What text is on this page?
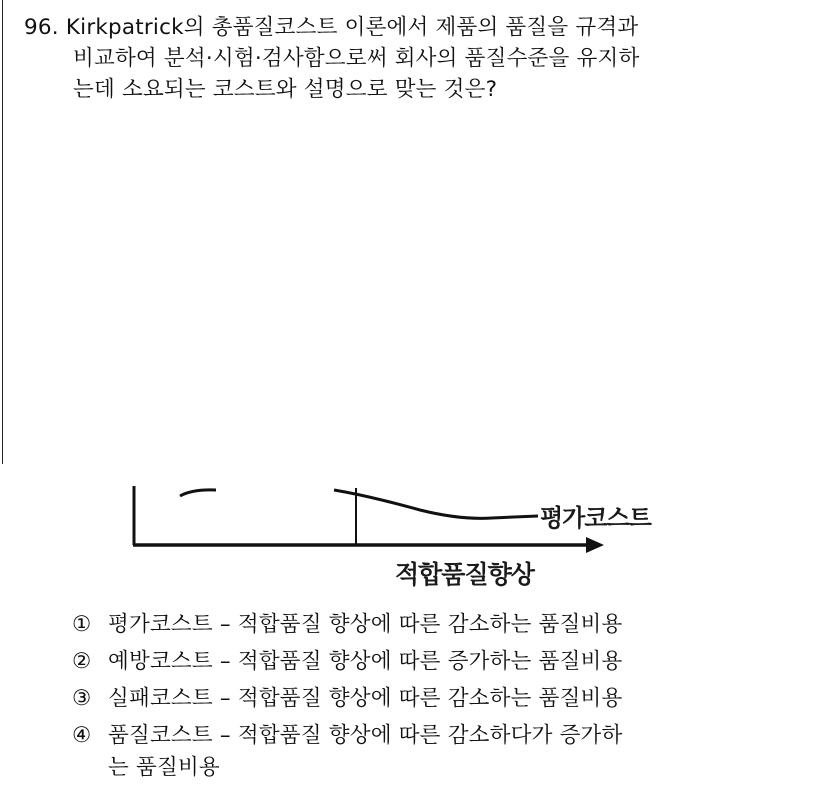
96. Kirkpatrick의 총품질코스트 이론에서 제품의 품질을 규격과
비교하여 분석·시험·검사함으로써 회사의 품질수준을 유지하
는데 소요되는 코스트와 설명으로 맞는 것은?
평가코스트
적합품질향상
① 평가코스트 – 적합품질 향상에 따른 감소하는 품질비용
② 예방코스트 – 적합품질 향상에 따른 증가하는 품질비용
③ 실패코스트 – 적합품질 향상에 따른 감소하는 품질비용
④ 품질코스트 – 적합품질 향상에 따른 감소하다가 증가하
는 품질비용
